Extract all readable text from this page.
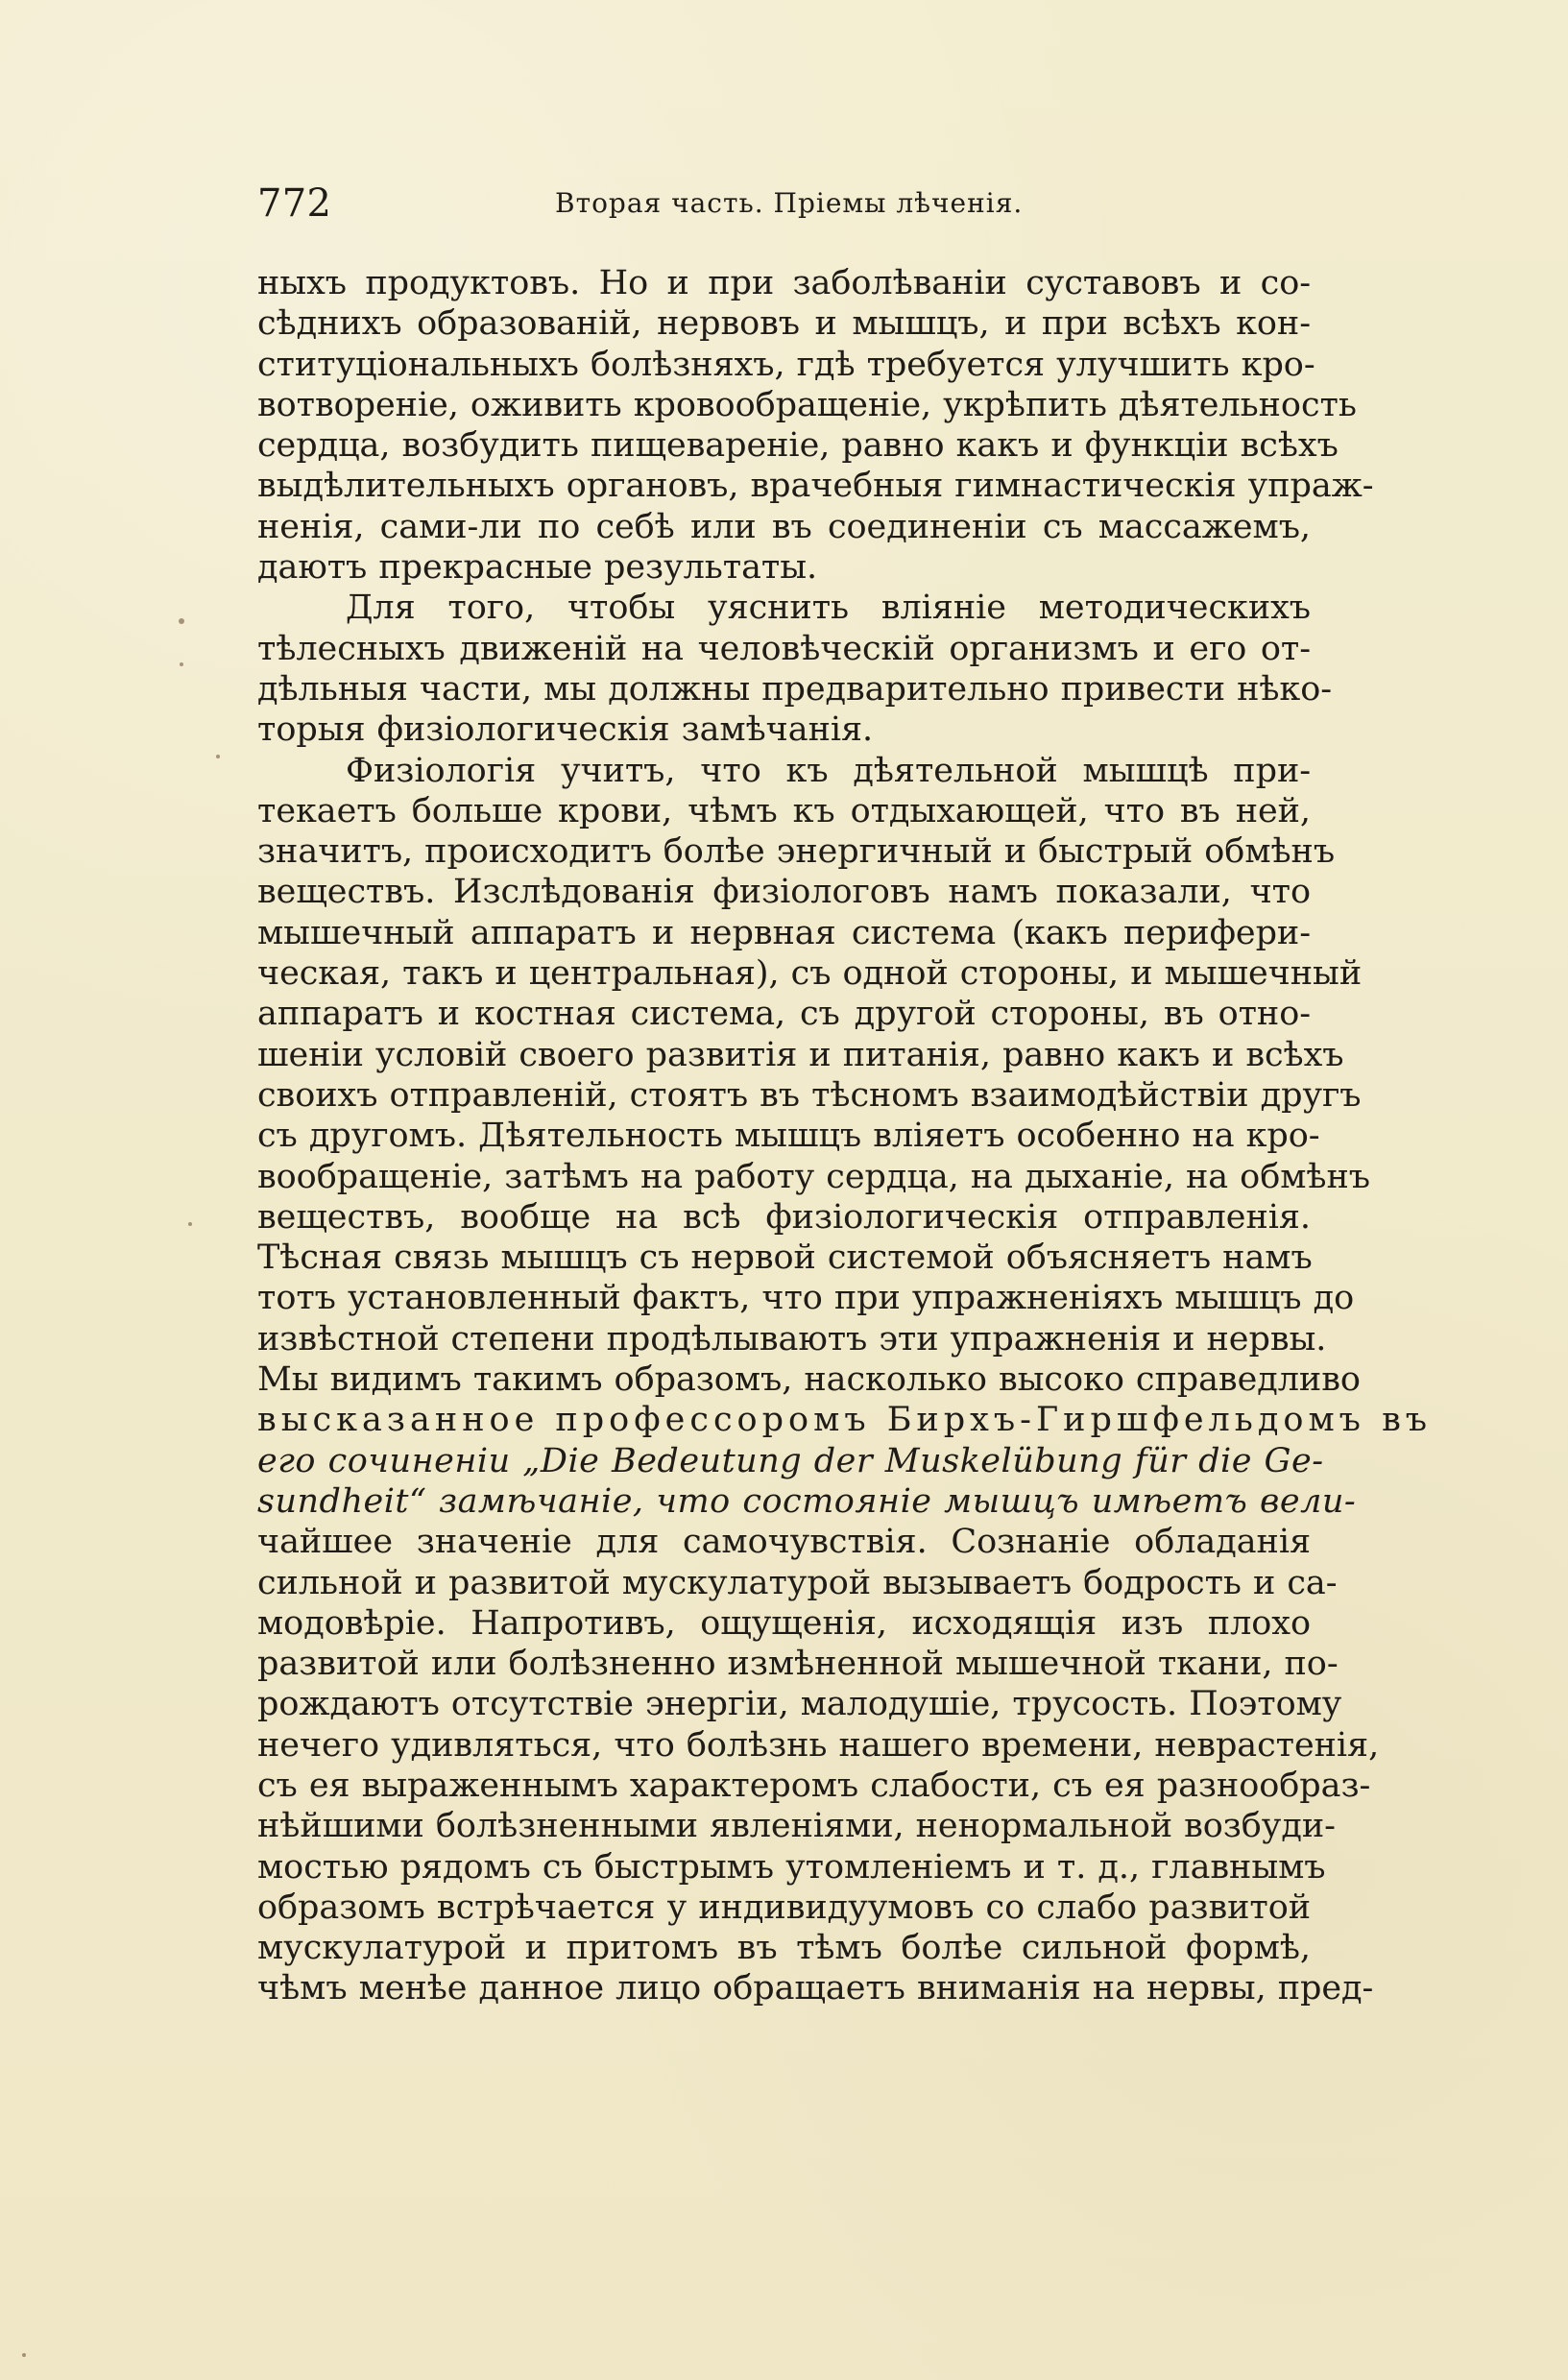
772	Вторая часть. Пріемы лѣченія.
ныхъ продуктовъ. Но и при заболѣваніи суставовъ и со-
сѣднихъ образованій, нервовъ и мышцъ, и при всѣхъ кон-
ституціональныхъ болѣзняхъ, гдѣ требуется улучшить кро-
вотвореніе, оживить кровообращеніе, укрѣпить дѣятельность
сердца, возбудить пищевареніе, равно какъ и функціи всѣхъ
выдѣлительныхъ органовъ, врачебныя гимнастическія упраж-
ненія, сами-ли по себѣ или въ соединеніи съ массажемъ,
даютъ прекрасные результаты.
Для того, чтобы уяснить вліяніе методическихъ
тѣлесныхъ движеній на человѣческій организмъ и его от-
дѣльныя части, мы должны предварительно привести нѣко-
торыя физіологическія замѣчанія.
Физіологія учитъ, что къ дѣятельной мышцѣ при-
текаетъ больше крови, чѣмъ къ отдыхающей, что въ ней,
значитъ, происходитъ болѣе энергичный и быстрый обмѣнъ
веществъ. Изслѣдованія физіологовъ намъ показали, что
мышечный аппаратъ и нервная система (какъ перифери-
ческая, такъ и центральная), съ одной стороны, и мышечный
аппаратъ и костная система, съ другой стороны, въ отно-
шеніи условій своего развитія и питанія, равно какъ и всѣхъ
своихъ отправленій, стоятъ въ тѣсномъ взаимодѣйствіи другъ
съ другомъ. Дѣятельность мышцъ вліяетъ особенно на кро-
вообращеніе, затѣмъ на работу сердца, на дыханіе, на обмѣнъ
веществъ, вообще на всѣ физіологическія отправленія.
Тѣсная связь мышцъ съ нервой системой объясняетъ намъ
тотъ установленный фактъ, что при упражненіяхъ мышцъ до
извѣстной степени продѣлываютъ эти упражненія и нервы.
Мы видимъ такимъ образомъ, насколько высоко справедливо
высказанное профессоромъ Бирхъ-Гиршфельдомъ въ
его сочиненіи „Die Bedeutung der Muskelübung für die Ge-
sundheit“ замѣчаніе, что состояніе мышцъ имѣетъ вели-
чайшее значеніе для самочувствія. Сознаніе обладанія
сильной и развитой мускулатурой вызываетъ бодрость и са-
модовѣріе. Напротивъ, ощущенія, исходящія изъ плохо
развитой или болѣзненно измѣненной мышечной ткани, по-
рождаютъ отсутствіе энергіи, малодушіе, трусость. Поэтому
нечего удивляться, что болѣзнь нашего времени, неврастенія,
съ ея выраженнымъ характеромъ слабости, съ ея разнообраз-
нѣйшими болѣзненными явленіями, ненормальной возбуди-
мостью рядомъ съ быстрымъ утомленіемъ и т. д., главнымъ
образомъ встрѣчается у индивидуумовъ со слабо развитой
мускулатурой и притомъ въ тѣмъ болѣе сильной формѣ,
чѣмъ менѣе данное лицо обращаетъ вниманія на нервы, пред-
